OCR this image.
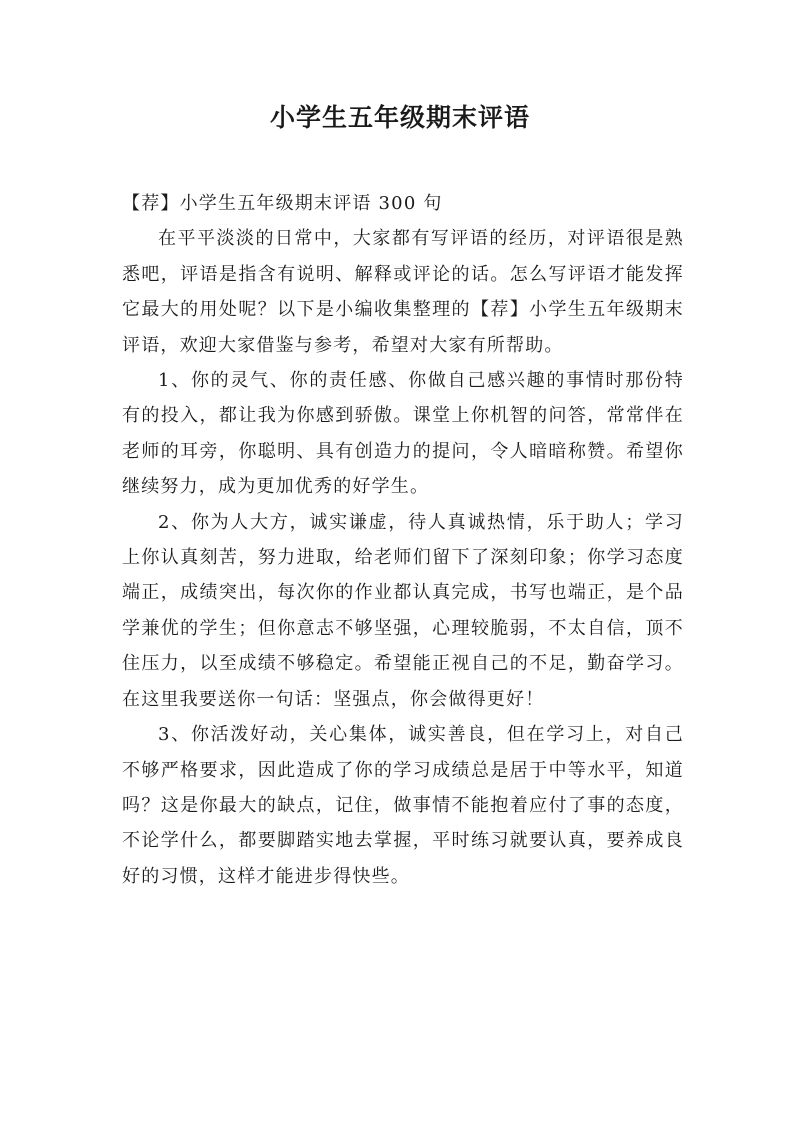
小学生五年级期末评语

【荐】小学生五年级期末评语 300 句

在平平淡淡的日常中，大家都有写评语的经历，对评语很是熟悉吧，评语是指含有说明、解释或评论的话。怎么写评语才能发挥它最大的用处呢？以下是小编收集整理的【荐】小学生五年级期末评语，欢迎大家借鉴与参考，希望对大家有所帮助。

1、你的灵气、你的责任感、你做自己感兴趣的事情时那份特有的投入，都让我为你感到骄傲。课堂上你机智的问答，常常伴在老师的耳旁，你聪明、具有创造力的提问，令人暗暗称赞。希望你继续努力，成为更加优秀的好学生。

2、你为人大方，诚实谦虚，待人真诚热情，乐于助人；学习上你认真刻苦，努力进取，给老师们留下了深刻印象；你学习态度端正，成绩突出，每次你的作业都认真完成，书写也端正，是个品学兼优的学生；但你意志不够坚强，心理较脆弱，不太自信，顶不住压力，以至成绩不够稳定。希望能正视自己的不足，勤奋学习。在这里我要送你一句话：坚强点，你会做得更好！

3、你活泼好动，关心集体，诚实善良，但在学习上，对自己不够严格要求，因此造成了你的学习成绩总是居于中等水平，知道吗？这是你最大的缺点，记住，做事情不能抱着应付了事的态度，不论学什么，都要脚踏实地去掌握，平时练习就要认真，要养成良好的习惯，这样才能进步得快些。
